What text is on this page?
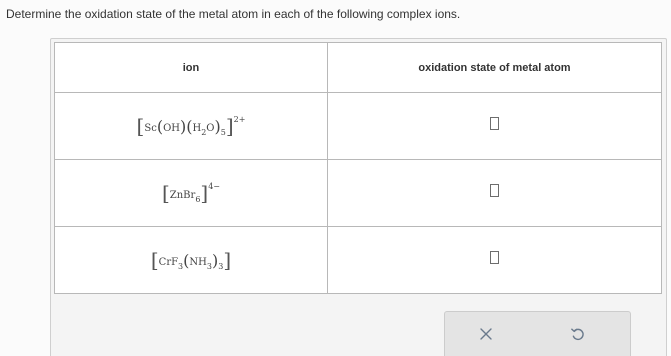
Determine the oxidation state of the metal atom in each of the following complex ions.
ion	oxidation state of metal atom
$[Sc(OH)(H_2O)_5]^{2+}$	
[ZnBr$_6$]$^{4-}$	
$[CrF_3(NH_3)_3]$	
